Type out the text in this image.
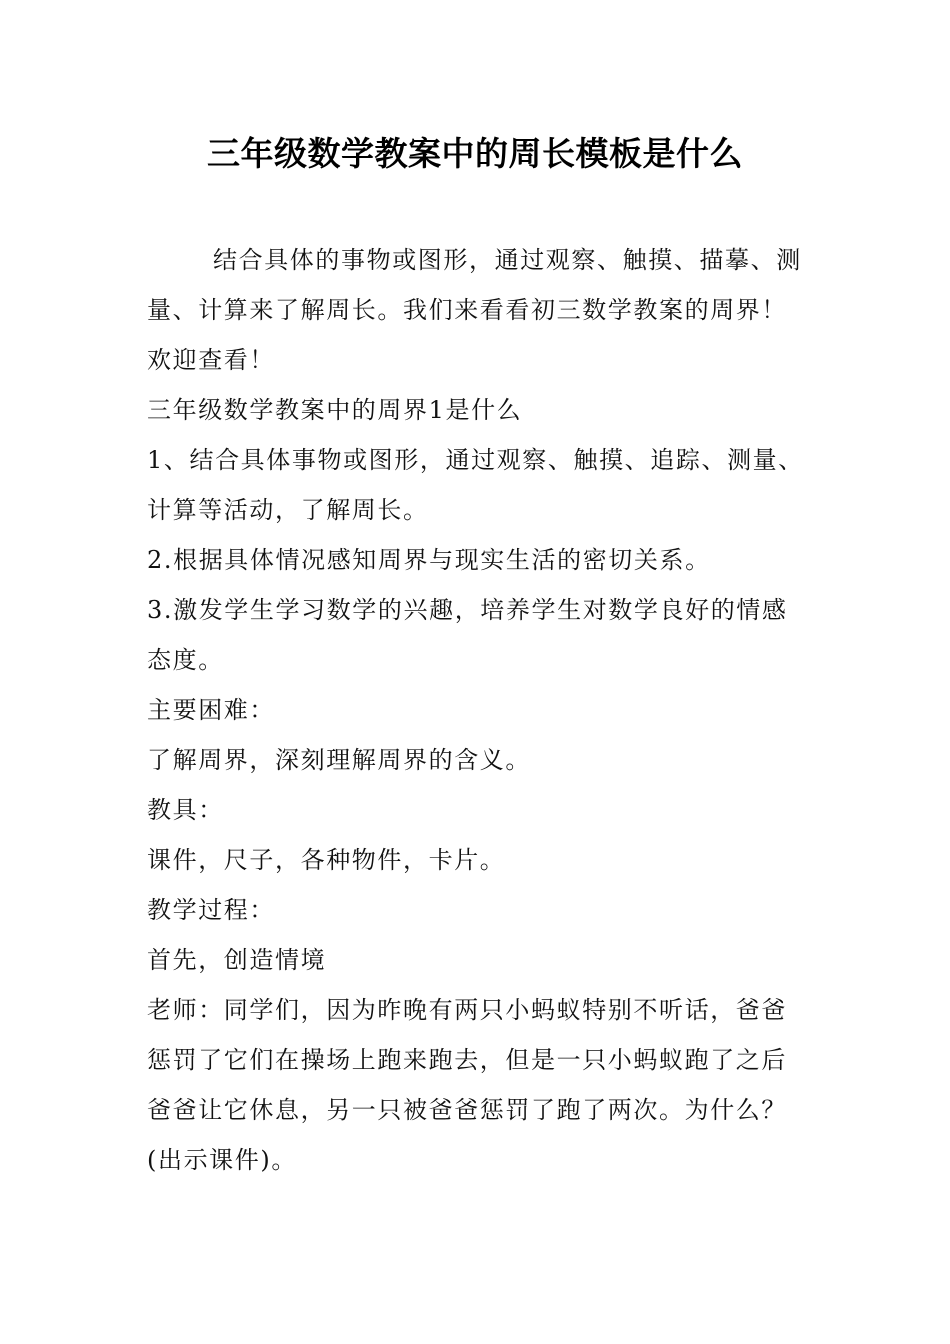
三年级数学教案中的周长模板是什么

结合具体的事物或图形，通过观察、触摸、描摹、测量、计算来了解周长。我们来看看初三数学教案的周界！欢迎查看！

三年级数学教案中的周界1是什么

1、结合具体事物或图形，通过观察、触摸、追踪、测量、计算等活动，了解周长。

2.根据具体情况感知周界与现实生活的密切关系。

3.激发学生学习数学的兴趣，培养学生对数学良好的情感态度。

主要困难：

了解周界，深刻理解周界的含义。

教具：

课件，尺子，各种物件，卡片。

教学过程：

首先，创造情境

老师：同学们，因为昨晚有两只小蚂蚁特别不听话，爸爸惩罚了它们在操场上跑来跑去，但是一只小蚂蚁跑了之后爸爸让它休息，另一只被爸爸惩罚了跑了两次。为什么？(出示课件)。
